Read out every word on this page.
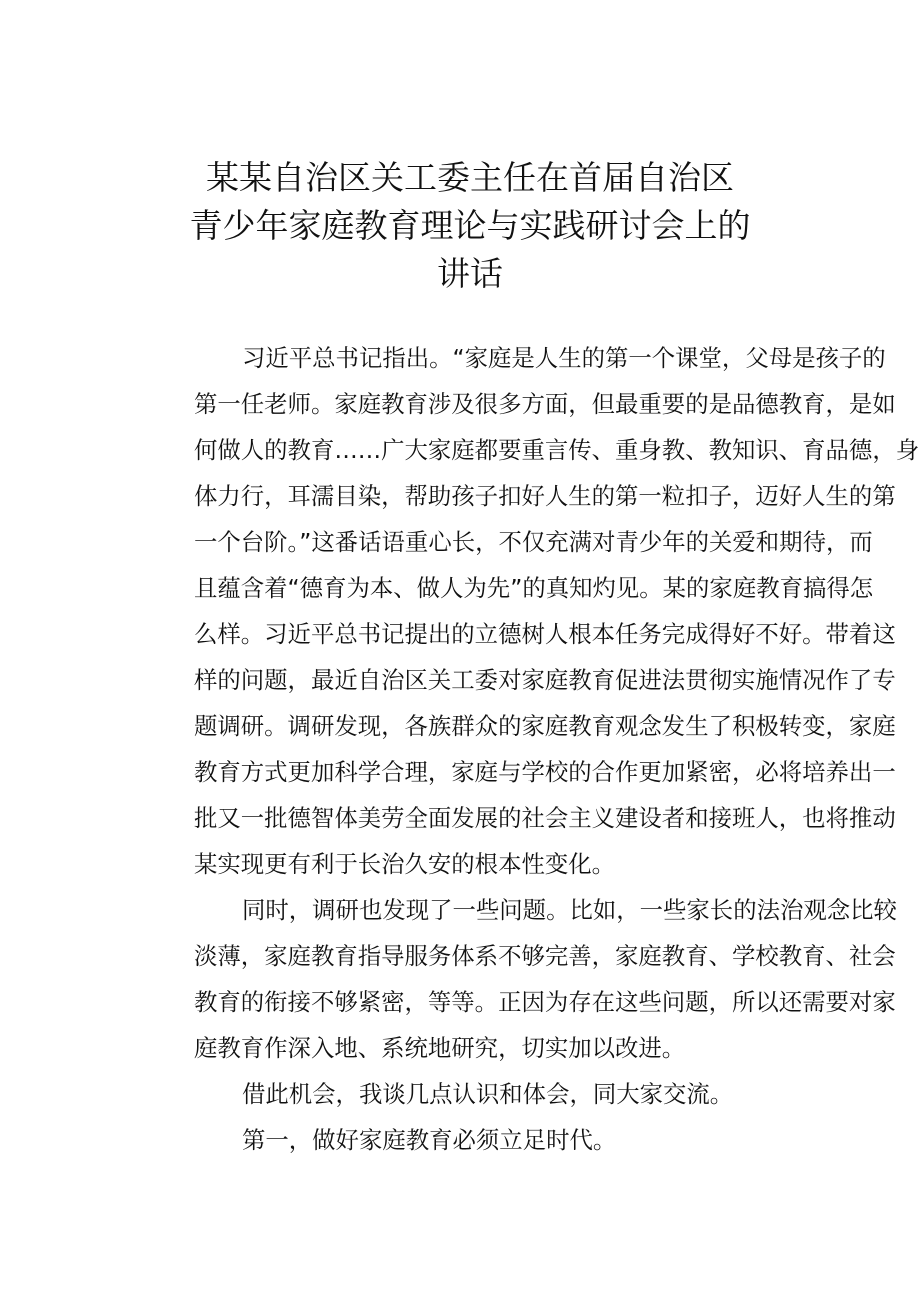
某某自治区关工委主任在首届自治区
青少年家庭教育理论与实践研讨会上的
讲话
习近平总书记指出。“家庭是人生的第一个课堂，父母是孩子的
第一任老师。家庭教育涉及很多方面，但最重要的是品德教育，是如
何做人的教育……广大家庭都要重言传、重身教、教知识、育品德，身
体力行，耳濡目染，帮助孩子扣好人生的第一粒扣子，迈好人生的第
一个台阶。”这番话语重心长，不仅充满对青少年的关爱和期待，而
且蕴含着“德育为本、做人为先”的真知灼见。某的家庭教育搞得怎
么样。习近平总书记提出的立德树人根本任务完成得好不好。带着这
样的问题，最近自治区关工委对家庭教育促进法贯彻实施情况作了专
题调研。调研发现，各族群众的家庭教育观念发生了积极转变，家庭
教育方式更加科学合理，家庭与学校的合作更加紧密，必将培养出一
批又一批德智体美劳全面发展的社会主义建设者和接班人，也将推动
某实现更有利于长治久安的根本性变化。
同时，调研也发现了一些问题。比如，一些家长的法治观念比较
淡薄，家庭教育指导服务体系不够完善，家庭教育、学校教育、社会
教育的衔接不够紧密，等等。正因为存在这些问题，所以还需要对家
庭教育作深入地、系统地研究，切实加以改进。
借此机会，我谈几点认识和体会，同大家交流。
第一，做好家庭教育必须立足时代。
